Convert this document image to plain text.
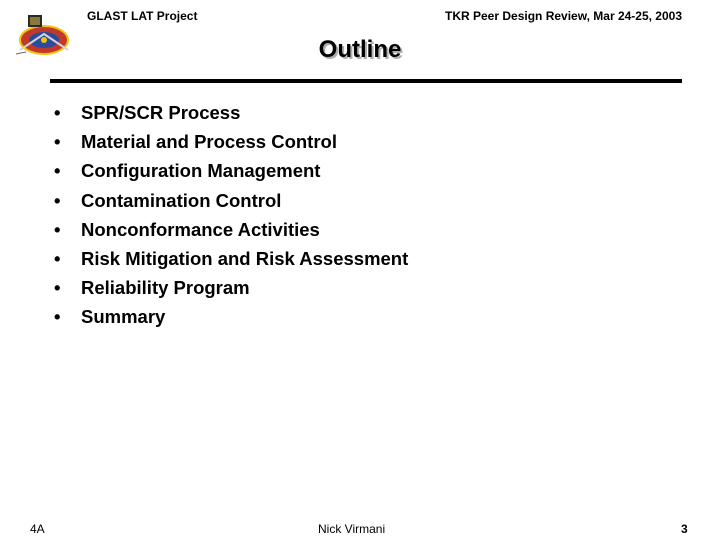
GLAST LAT Project	TKR Peer Design Review, Mar 24-25, 2003
Outline
• SPR/SCR Process
• Material and Process Control
• Configuration Management
• Contamination Control
• Nonconformance Activities
• Risk Mitigation and Risk Assessment
• Reliability Program
• Summary
4A	Nick Virmani	3
